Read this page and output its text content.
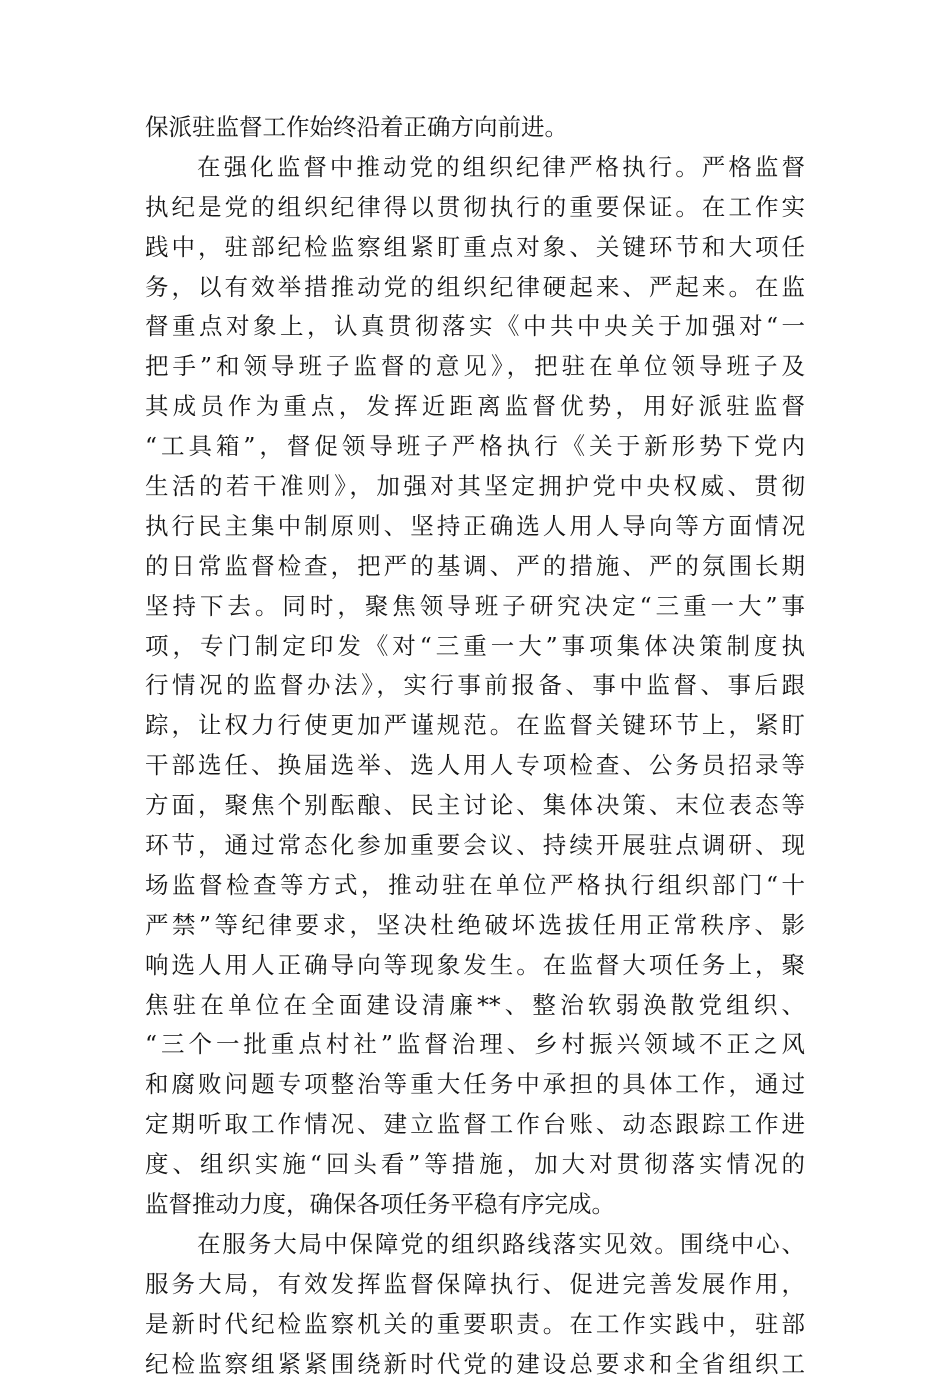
保派驻监督工作始终沿着正确方向前进。
在强化监督中推动党的组织纪律严格执行。严格监督
执纪是党的组织纪律得以贯彻执行的重要保证。在工作实
践中，驻部纪检监察组紧盯重点对象、关键环节和大项任
务，以有效举措推动党的组织纪律硬起来、严起来。在监
督重点对象上，认真贯彻落实《中共中央关于加强对“一
把手”和领导班子监督的意见》，把驻在单位领导班子及
其成员作为重点，发挥近距离监督优势，用好派驻监督
“工具箱”，督促领导班子严格执行《关于新形势下党内
生活的若干准则》，加强对其坚定拥护党中央权威、贯彻
执行民主集中制原则、坚持正确选人用人导向等方面情况
的日常监督检查，把严的基调、严的措施、严的氛围长期
坚持下去。同时，聚焦领导班子研究决定“三重一大”事
项，专门制定印发《对“三重一大”事项集体决策制度执
行情况的监督办法》，实行事前报备、事中监督、事后跟
踪，让权力行使更加严谨规范。在监督关键环节上，紧盯
干部选任、换届选举、选人用人专项检查、公务员招录等
方面，聚焦个别酝酿、民主讨论、集体决策、末位表态等
环节，通过常态化参加重要会议、持续开展驻点调研、现
场监督检查等方式，推动驻在单位严格执行组织部门“十
严禁”等纪律要求，坚决杜绝破坏选拔任用正常秩序、影
响选人用人正确导向等现象发生。在监督大项任务上，聚
焦驻在单位在全面建设清廉**、整治软弱涣散党组织、
“三个一批重点村社”监督治理、乡村振兴领域不正之风
和腐败问题专项整治等重大任务中承担的具体工作，通过
定期听取工作情况、建立监督工作台账、动态跟踪工作进
度、组织实施“回头看”等措施，加大对贯彻落实情况的
监督推动力度，确保各项任务平稳有序完成。
在服务大局中保障党的组织路线落实见效。围绕中心、
服务大局，有效发挥监督保障执行、促进完善发展作用，
是新时代纪检监察机关的重要职责。在工作实践中，驻部
纪检监察组紧紧围绕新时代党的建设总要求和全省组织工
